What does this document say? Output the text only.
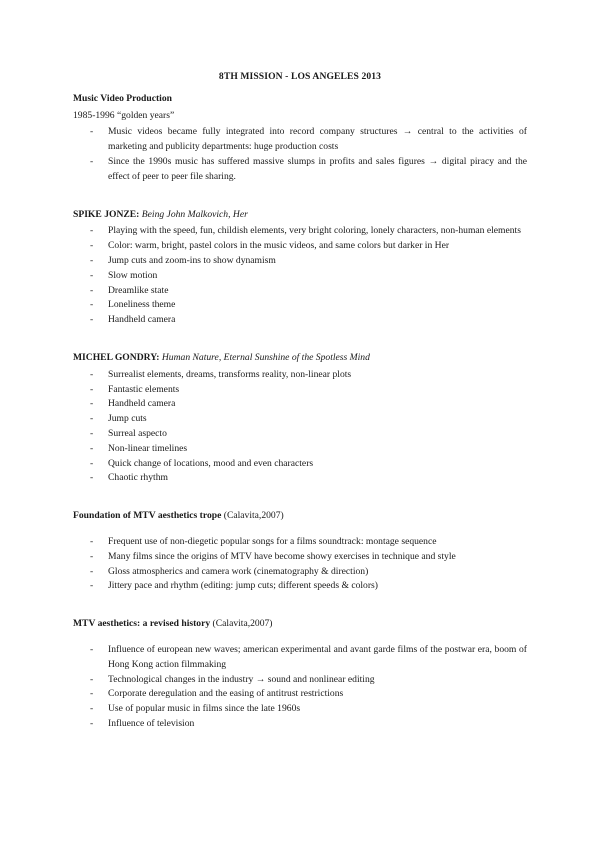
8TH MISSION - LOS ANGELES 2013

Music Video Production

1985-1996 “golden years”

- Music videos became fully integrated into record company structures → central to the activities of marketing and publicity departments: huge production costs
- Since the 1990s music has suffered massive slumps in profits and sales figures → digital piracy and the effect of peer to peer file sharing.

SPIKE JONZE: Being John Malkovich, Her

- Playing with the speed, fun, childish elements, very bright coloring, lonely characters, non-human elements
- Color: warm, bright, pastel colors in the music videos, and same colors but darker in Her
- Jump cuts and zoom-ins to show dynamism
- Slow motion
- Dreamlike state
- Loneliness theme
- Handheld camera

MICHEL GONDRY: Human Nature, Eternal Sunshine of the Spotless Mind

- Surrealist elements, dreams, transforms reality, non-linear plots
- Fantastic elements
- Handheld camera
- Jump cuts
- Surreal aspecto
- Non-linear timelines
- Quick change of locations, mood and even characters
- Chaotic rhythm

Foundation of MTV aesthetics trope (Calavita,2007)

- Frequent use of non-diegetic popular songs for a films soundtrack: montage sequence
- Many films since the origins of MTV have become showy exercises in technique and style
- Gloss atmospherics and camera work (cinematography & direction)
- Jittery pace and rhythm (editing: jump cuts; different speeds & colors)

MTV aesthetics: a revised history (Calavita,2007)

- Influence of european new waves; american experimental and avant garde films of the postwar era, boom of Hong Kong action filmmaking
- Technological changes in the industry → sound and nonlinear editing
- Corporate deregulation and the easing of antitrust restrictions
- Use of popular music in films since the late 1960s
- Influence of television
